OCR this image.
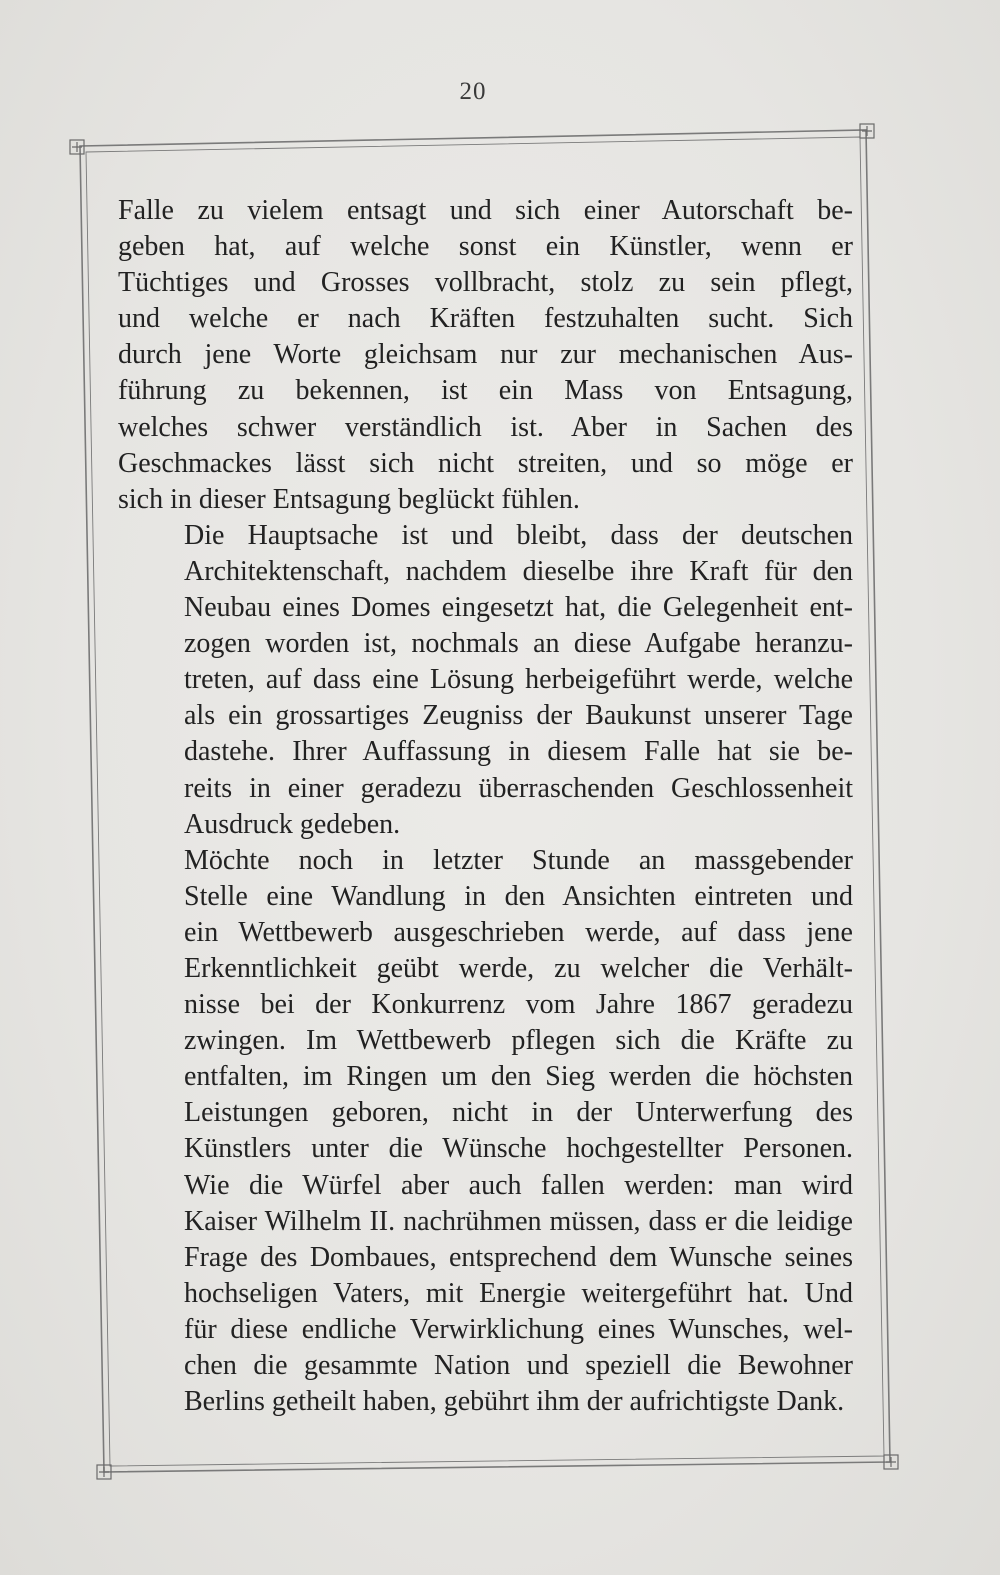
20

Falle zu vielem entsagt und sich einer Autorschaft be-
geben hat, auf welche sonst ein Künstler, wenn er
Tüchtiges und Grosses vollbracht, stolz zu sein pflegt,
und welche er nach Kräften festzuhalten sucht. Sich
durch jene Worte gleichsam nur zur mechanischen Aus-
führung zu bekennen, ist ein Mass von Entsagung,
welches schwer verständlich ist. Aber in Sachen des
Geschmackes lässt sich nicht streiten, und so möge er
sich in dieser Entsagung beglückt fühlen.

Die Hauptsache ist und bleibt, dass der deutschen
Architektenschaft, nachdem dieselbe ihre Kraft für den
Neubau eines Domes eingesetzt hat, die Gelegenheit ent-
zogen worden ist, nochmals an diese Aufgabe heranzu-
treten, auf dass eine Lösung herbeigeführt werde, welche
als ein grossartiges Zeugniss der Baukunst unserer Tage
dastehe. Ihrer Auffassung in diesem Falle hat sie be-
reits in einer geradezu überraschenden Geschlossenheit
Ausdruck gedeben.

Möchte noch in letzter Stunde an massgebender
Stelle eine Wandlung in den Ansichten eintreten und
ein Wettbewerb ausgeschrieben werde, auf dass jene
Erkenntlichkeit geübt werde, zu welcher die Verhält-
nisse bei der Konkurrenz vom Jahre 1867 geradezu
zwingen. Im Wettbewerb pflegen sich die Kräfte zu
entfalten, im Ringen um den Sieg werden die höchsten
Leistungen geboren, nicht in der Unterwerfung des
Künstlers unter die Wünsche hochgestellter Personen.
Wie die Würfel aber auch fallen werden: man wird
Kaiser Wilhelm II. nachrühmen müssen, dass er die leidige
Frage des Dombaues, entsprechend dem Wunsche seines
hochseligen Vaters, mit Energie weitergeführt hat. Und
für diese endliche Verwirklichung eines Wunsches, wel-
chen die gesammte Nation und speziell die Bewohner
Berlins getheilt haben, gebührt ihm der aufrichtigste Dank.
